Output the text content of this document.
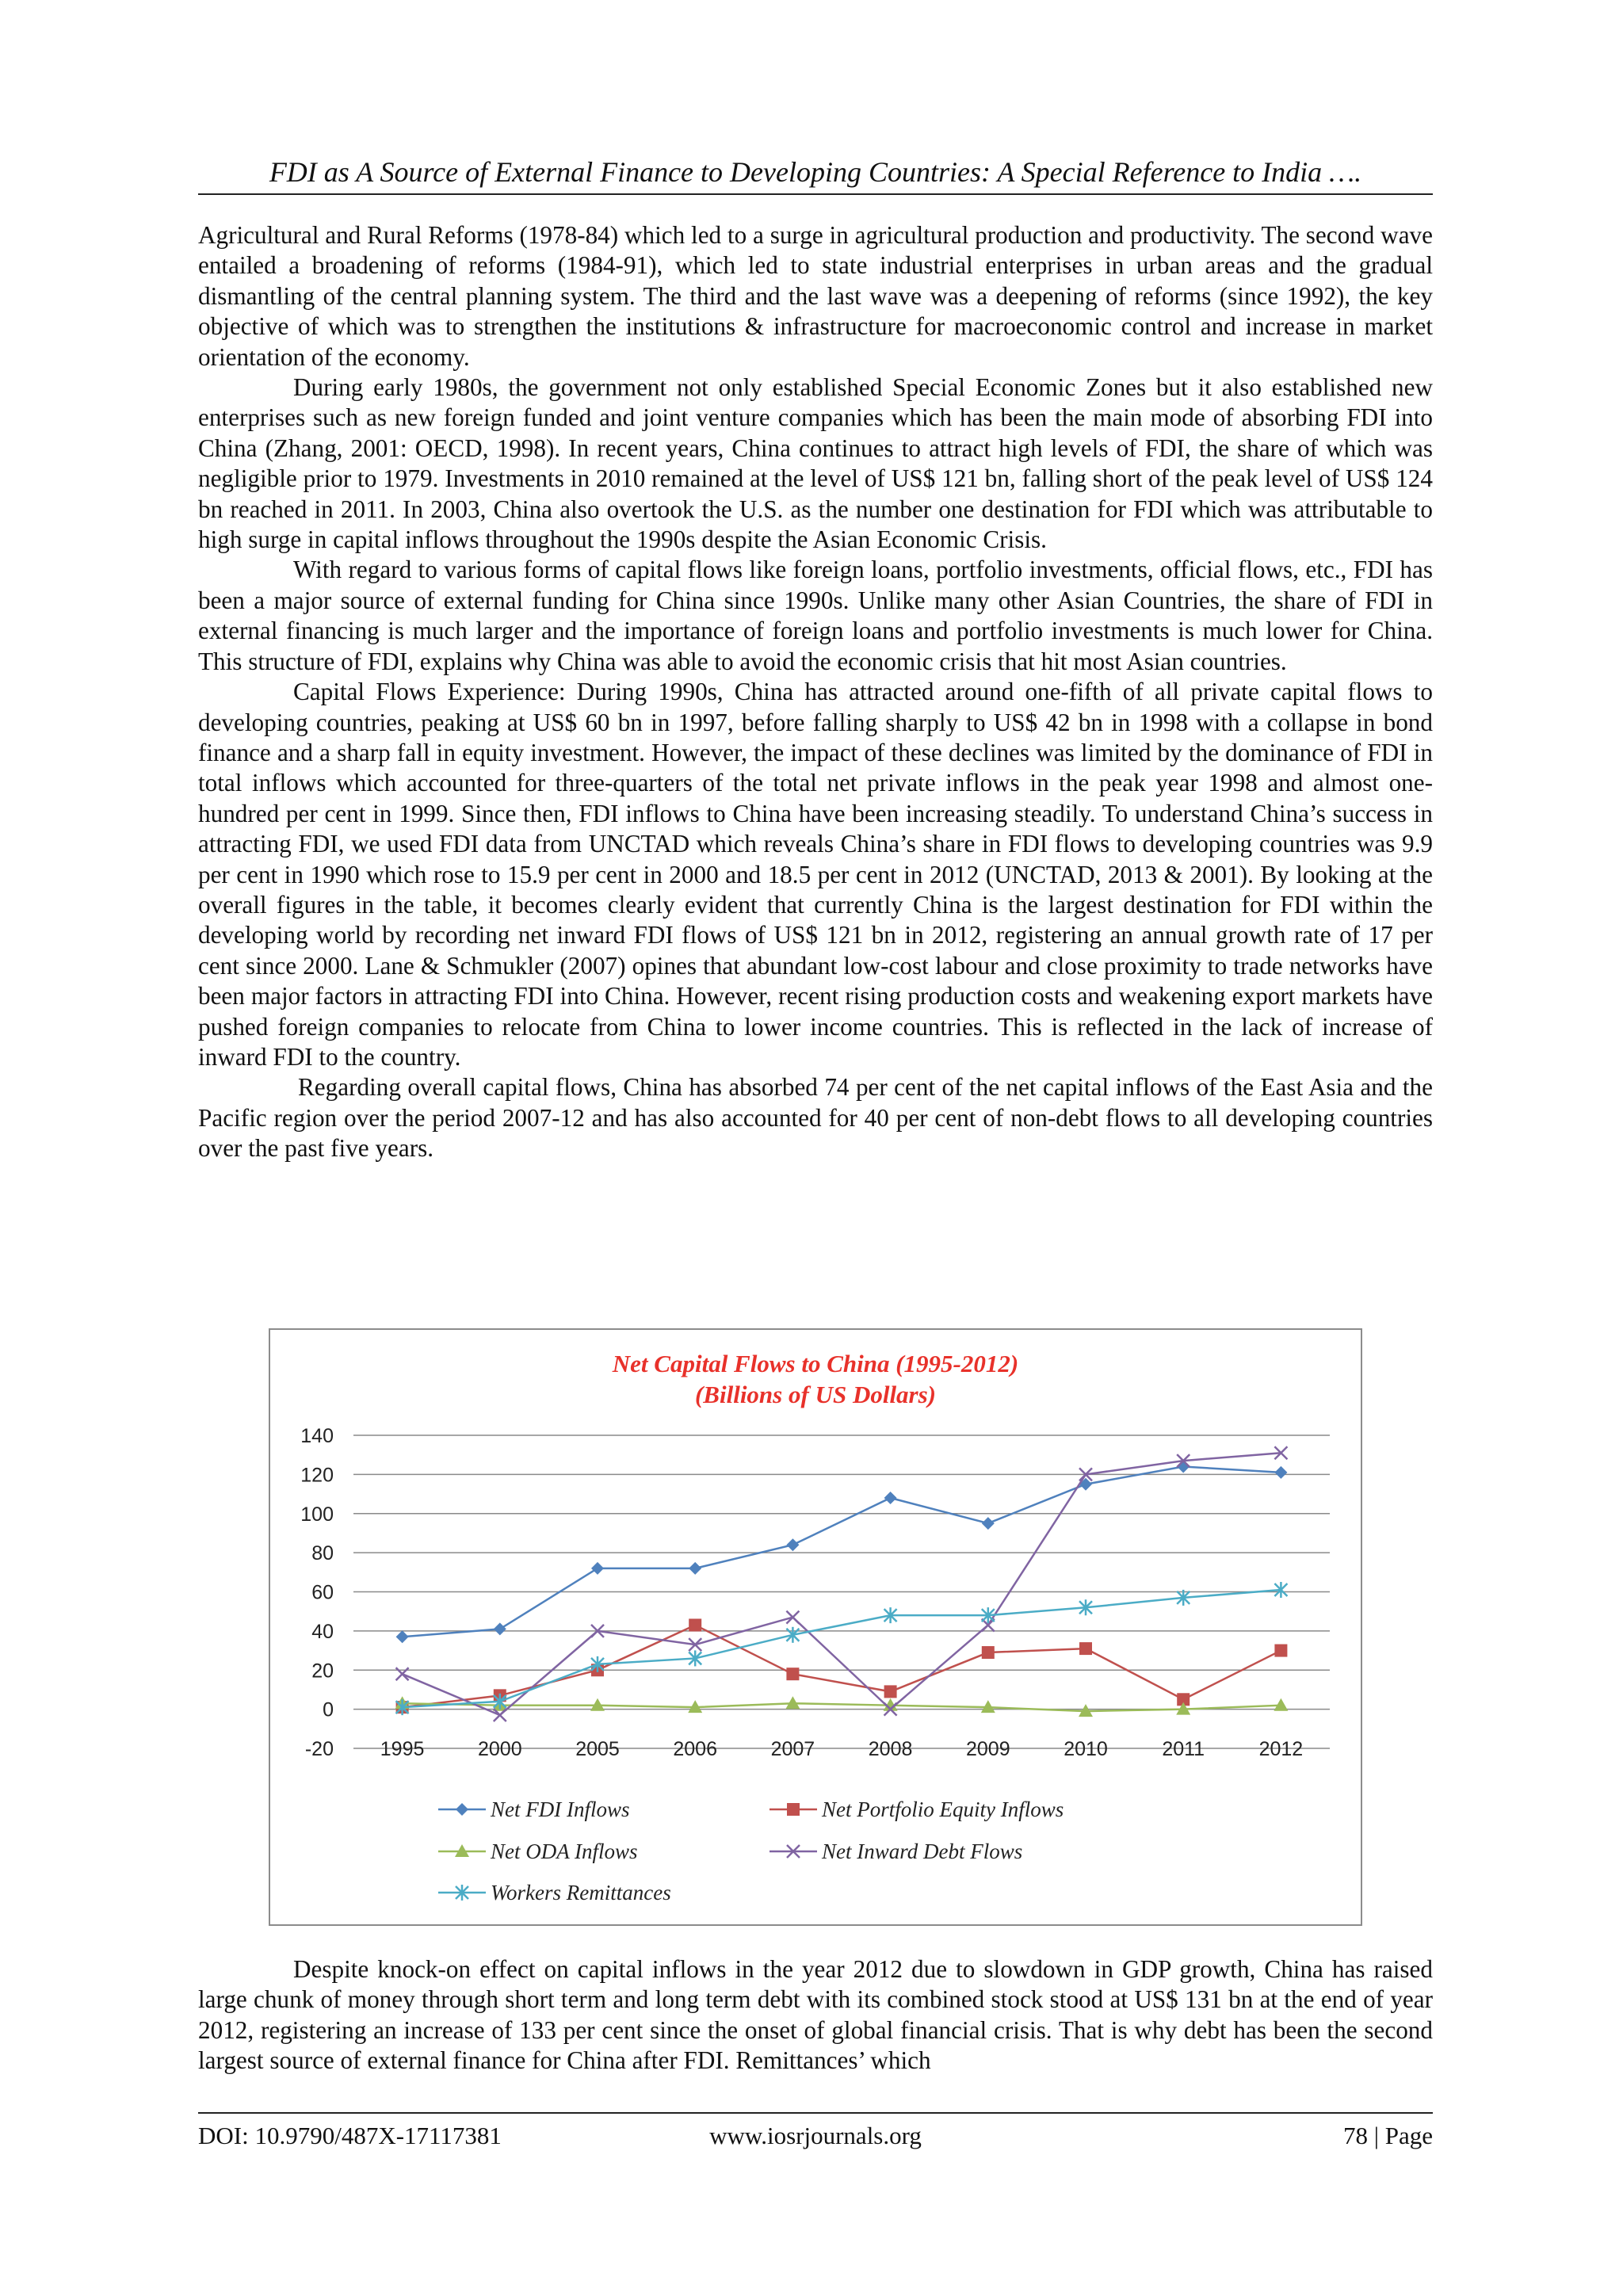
FDI as A Source of External Finance to Developing Countries: A Special Reference to India ….

Agricultural and Rural Reforms (1978-84) which led to a surge in agricultural production and productivity. The second wave entailed a broadening of reforms (1984-91), which led to state industrial enterprises in urban areas and the gradual dismantling of the central planning system. The third and the last wave was a deepening of reforms (since 1992), the key objective of which was to strengthen the institutions & infrastructure for macroeconomic control and increase in market orientation of the economy.

During early 1980s, the government not only established Special Economic Zones but it also established new enterprises such as new foreign funded and joint venture companies which has been the main mode of absorbing FDI into China (Zhang, 2001: OECD, 1998). In recent years, China continues to attract high levels of FDI, the share of which was negligible prior to 1979. Investments in 2010 remained at the level of US$ 121 bn, falling short of the peak level of US$ 124 bn reached in 2011. In 2003, China also overtook the U.S. as the number one destination for FDI which was attributable to high surge in capital inflows throughout the 1990s despite the Asian Economic Crisis.

With regard to various forms of capital flows like foreign loans, portfolio investments, official flows, etc., FDI has been a major source of external funding for China since 1990s. Unlike many other Asian Countries, the share of FDI in external financing is much larger and the importance of foreign loans and portfolio investments is much lower for China. This structure of FDI, explains why China was able to avoid the economic crisis that hit most Asian countries.

Capital Flows Experience: During 1990s, China has attracted around one-fifth of all private capital flows to developing countries, peaking at US$ 60 bn in 1997, before falling sharply to US$ 42 bn in 1998 with a collapse in bond finance and a sharp fall in equity investment. However, the impact of these declines was limited by the dominance of FDI in total inflows which accounted for three-quarters of the total net private inflows in the peak year 1998 and almost one-hundred per cent in 1999. Since then, FDI inflows to China have been increasing steadily. To understand China’s success in attracting FDI, we used FDI data from UNCTAD which reveals China’s share in FDI flows to developing countries was 9.9 per cent in 1990 which rose to 15.9 per cent in 2000 and 18.5 per cent in 2012 (UNCTAD, 2013 & 2001). By looking at the overall figures in the table, it becomes clearly evident that currently China is the largest destination for FDI within the developing world by recording net inward FDI flows of US$ 121 bn in 2012, registering an annual growth rate of 17 per cent since 2000. Lane & Schmukler (2007) opines that abundant low-cost labour and close proximity to trade networks have been major factors in attracting FDI into China. However, recent rising production costs and weakening export markets have pushed foreign companies to relocate from China to lower income countries. This is reflected in the lack of increase of inward FDI to the country.

Regarding overall capital flows, China has absorbed 74 per cent of the net capital inflows of the East Asia and the Pacific region over the period 2007-12 and has also accounted for 40 per cent of non-debt flows to all developing countries over the past five years.

Net Capital Flows to China (1995-2012)
(Billions of US Dollars)
-20
0
20
40
60
80
100
120
140
1995	2000	2005	2006	2007	2008	2009	2010	2011	2012
Net FDI Inflows	Net Portfolio Equity Inflows
Net ODA Inflows	Net Inward Debt Flows
Workers Remittances

Despite knock-on effect on capital inflows in the year 2012 due to slowdown in GDP growth, China has raised large chunk of money through short term and long term debt with its combined stock stood at US$ 131 bn at the end of year 2012, registering an increase of 133 per cent since the onset of global financial crisis. That is why debt has been the second largest source of external finance for China after FDI. Remittances’ which

DOI: 10.9790/487X-17117381	www.iosrjournals.org	78 | Page
